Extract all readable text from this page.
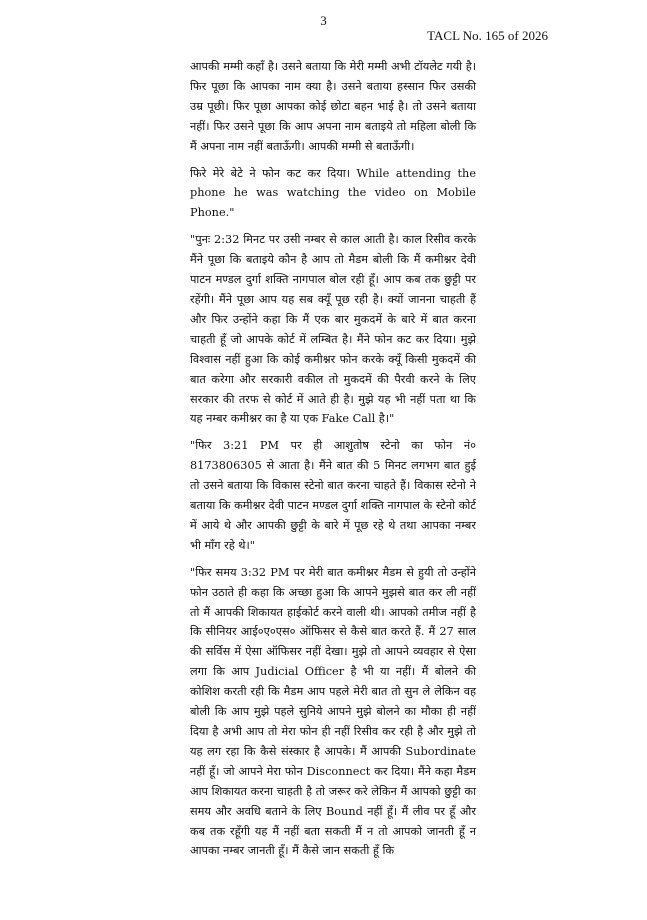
3
TACL No. 165 of 2026

आपकी मम्मी कहाँ है। उसने बताया कि मेरी मम्मी अभी टॉयलेट गयी है। फिर पूछा कि आपका नाम क्या है। उसने बताया हस्सान फिर उसकी उम्र पूछी। फिर पूछा आपका कोई छोटा बहन भाई है। तो उसने बताया नहीं। फिर उसने पूछा कि आप अपना नाम बताइये तो महिला बोली कि मैं अपना नाम नहीं बताऊँगी। आपकी मम्मी से बताऊँगी।

फिरे मेरे बेटे ने फोन कट कर दिया। While attending the phone he was watching the video on Mobile Phone."

"पुनः 2:32 मिनट पर उसी नम्बर से काल आती है। काल रिसीव करके मैंने पूछा कि बताइये कौन है आप तो मैडम बोली कि मैं कमीश्नर देवी पाटन मण्डल दुर्गा शक्ति नागपाल बोल रही हूँ। आप कब तक छुट्टी पर रहेंगी। मैंने पूछा आप यह सब क्यूँ पूछ रही है। क्यों जानना चाहती हैं और फिर उन्होंने कहा कि मैं एक बार मुकदमें के बारे में बात करना चाहती हूँ जो आपके कोर्ट में लम्बित है। मैंने फोन कट कर दिया। मुझे विश्वास नहीं हुआ कि कोई कमीश्नर फोन करके क्यूँ किसी मुकदमें की बात करेगा और सरकारी वकील तो मुकदमें की पैरवी करने के लिए सरकार की तरफ से कोर्ट में आते ही है। मुझे यह भी नहीं पता था कि यह नम्बर कमीश्नर का है या एक Fake Call है।"

"फिर 3:21 PM पर ही आशुतोष स्टेनो का फोन नं० 8173806305 से आता है। मैंने बात की 5 मिनट लगभग बात हुई तो उसने बताया कि विकास स्टेनो बात करना चाहते हैं। विकास स्टेनो ने बताया कि कमीश्नर देवी पाटन मण्डल दुर्गा शक्ति नागपाल के स्टेनो कोर्ट में आये थे और आपकी छुट्टी के बारे में पूछ रहे थे तथा आपका नम्बर भी माँग रहे थे।"

"फिर समय 3:32 PM पर मेरी बात कमीश्नर मैडम से हुयी तो उन्होंने फोन उठाते ही कहा कि अच्छा हुआ कि आपने मुझसे बात कर ली नहीं तो मैं आपकी शिकायत हाईकोर्ट करने वाली थी। आपको तमीज नहीं है कि सीनियर आई०ए०एस० ऑफिसर से कैसे बात करते हैं. मैं 27 साल की सर्विस में ऐसा ऑफिसर नहीं देखा। मुझे तो आपने व्यवहार से ऐसा लगा कि आप Judicial Officer है भी या नहीं। मैं बोलने की कोशिश करती रही कि मैडम आप पहले मेरी बात तो सुन ले लेकिन वह बोली कि आप मुझे पहले सुनिये आपने मुझे बोलने का मौका ही नहीं दिया है अभी आप तो मेरा फोन ही नहीं रिसीव कर रही है और मुझे तो यह लग रहा कि कैसे संस्कार है आपके। मैं आपकी Subordinate नहीं हूँ। जो आपने मेरा फोन Disconnect कर दिया। मैंने कहा मैडम आप शिकायत करना चाहती है तो जरूर करे लेकिन मैं आपको छुट्टी का समय और अवधि बताने के लिए Bound नहीं हूँ। मैं लीव पर हूँ और कब तक रहूँगी यह मैं नहीं बता सकती मैं न तो आपको जानती हूँ न आपका नम्बर जानती हूँ। मैं कैसे जान सकती हूँ कि
